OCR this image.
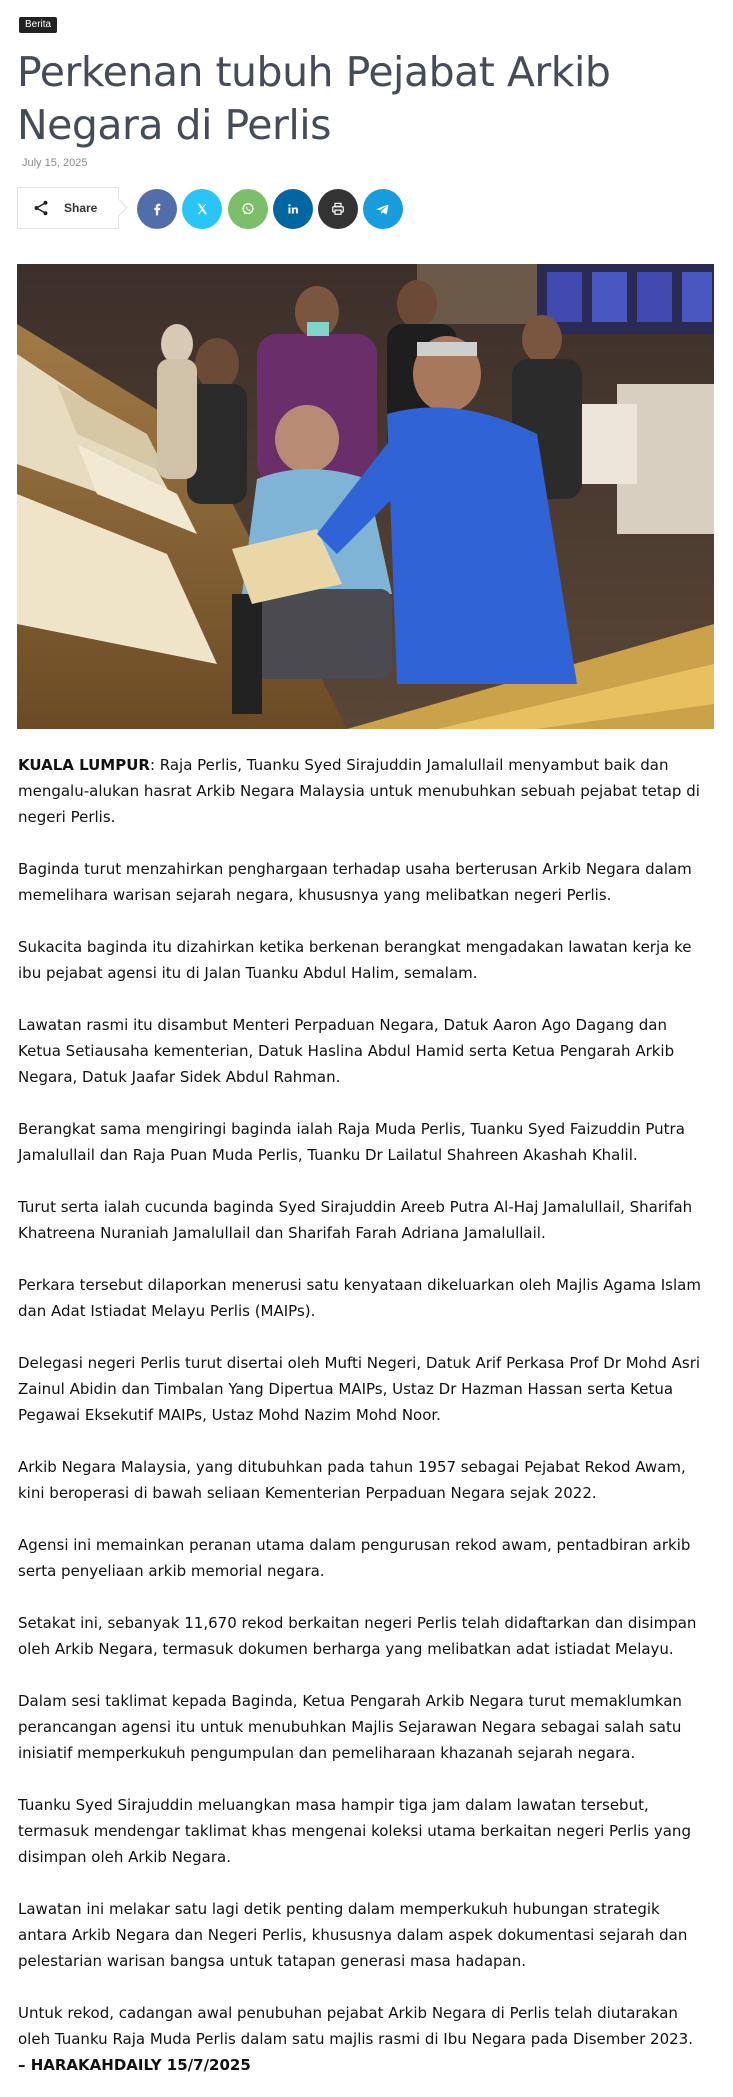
Berita
Perkenan tubuh Pejabat Arkib Negara di Perlis
July 15, 2025
Share

KUALA LUMPUR: Raja Perlis, Tuanku Syed Sirajuddin Jamalullail menyambut baik dan mengalu-alukan hasrat Arkib Negara Malaysia untuk menubuhkan sebuah pejabat tetap di negeri Perlis.

Baginda turut menzahirkan penghargaan terhadap usaha berterusan Arkib Negara dalam memelihara warisan sejarah negara, khususnya yang melibatkan negeri Perlis.

Sukacita baginda itu dizahirkan ketika berkenan berangkat mengadakan lawatan kerja ke ibu pejabat agensi itu di Jalan Tuanku Abdul Halim, semalam.

Lawatan rasmi itu disambut Menteri Perpaduan Negara, Datuk Aaron Ago Dagang dan Ketua Setiausaha kementerian, Datuk Haslina Abdul Hamid serta Ketua Pengarah Arkib Negara, Datuk Jaafar Sidek Abdul Rahman.

Berangkat sama mengiringi baginda ialah Raja Muda Perlis, Tuanku Syed Faizuddin Putra Jamalullail dan Raja Puan Muda Perlis, Tuanku Dr Lailatul Shahreen Akashah Khalil.

Turut serta ialah cucunda baginda Syed Sirajuddin Areeb Putra Al-Haj Jamalullail, Sharifah Khatreena Nuraniah Jamalullail dan Sharifah Farah Adriana Jamalullail.

Perkara tersebut dilaporkan menerusi satu kenyataan dikeluarkan oleh Majlis Agama Islam dan Adat Istiadat Melayu Perlis (MAIPs).

Delegasi negeri Perlis turut disertai oleh Mufti Negeri, Datuk Arif Perkasa Prof Dr Mohd Asri Zainul Abidin dan Timbalan Yang Dipertua MAIPs, Ustaz Dr Hazman Hassan serta Ketua Pegawai Eksekutif MAIPs, Ustaz Mohd Nazim Mohd Noor.

Arkib Negara Malaysia, yang ditubuhkan pada tahun 1957 sebagai Pejabat Rekod Awam, kini beroperasi di bawah seliaan Kementerian Perpaduan Negara sejak 2022.

Agensi ini memainkan peranan utama dalam pengurusan rekod awam, pentadbiran arkib serta penyeliaan arkib memorial negara.

Setakat ini, sebanyak 11,670 rekod berkaitan negeri Perlis telah didaftarkan dan disimpan oleh Arkib Negara, termasuk dokumen berharga yang melibatkan adat istiadat Melayu.

Dalam sesi taklimat kepada Baginda, Ketua Pengarah Arkib Negara turut memaklumkan perancangan agensi itu untuk menubuhkan Majlis Sejarawan Negara sebagai salah satu inisiatif memperkukuh pengumpulan dan pemeliharaan khazanah sejarah negara.

Tuanku Syed Sirajuddin meluangkan masa hampir tiga jam dalam lawatan tersebut, termasuk mendengar taklimat khas mengenai koleksi utama berkaitan negeri Perlis yang disimpan oleh Arkib Negara.

Lawatan ini melakar satu lagi detik penting dalam memperkukuh hubungan strategik antara Arkib Negara dan Negeri Perlis, khususnya dalam aspek dokumentasi sejarah dan pelestarian warisan bangsa untuk tatapan generasi masa hadapan.

Untuk rekod, cadangan awal penubuhan pejabat Arkib Negara di Perlis telah diutarakan oleh Tuanku Raja Muda Perlis dalam satu majlis rasmi di Ibu Negara pada Disember 2023.

– HARAKAHDAILY 15/7/2025
